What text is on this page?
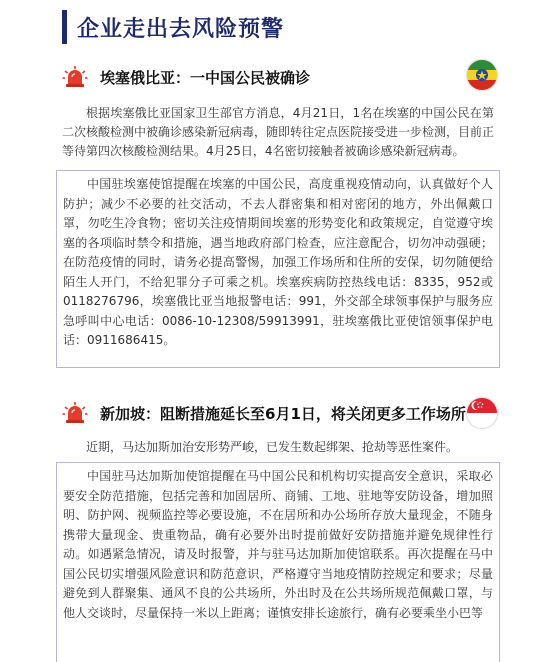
企业走出去风险预警
埃塞俄比亚：一中国公民被确诊

根据埃塞俄比亚国家卫生部官方消息，4月21日，1名在埃塞的中国公民在第二次核酸检测中被确诊感染新冠病毒，随即转往定点医院接受进一步检测，目前正等待第四次核酸检测结果。4月25日，4名密切接触者被确诊感染新冠病毒。

中国驻埃塞使馆提醒在埃塞的中国公民，高度重视疫情动向，认真做好个人防护；减少不必要的社交活动，不去人群密集和相对密闭的地方，外出佩戴口罩，勿吃生冷食物；密切关注疫情期间埃塞的形势变化和政策规定，自觉遵守埃塞的各项临时禁令和措施，遇当地政府部门检查，应注意配合，切勿冲动强硬；在防范疫情的同时，请务必提高警惕，加强工作场所和住所的安保，切勿随便给陌生人开门，不给犯罪分子可乘之机。埃塞疾病防控热线电话：8335，952或0118276796，埃塞俄比亚当地报警电话：991，外交部全球领事保护与服务应急呼叫中心电话：0086-10-12308/59913991，驻埃塞俄比亚使馆领事保护电话：0911686415。

新加坡：阻断措施延长至6月1日，将关闭更多工作场所

近期，马达加斯加治安形势严峻，已发生数起绑架、抢劫等恶性案件。

中国驻马达加斯加使馆提醒在马中国公民和机构切实提高安全意识，采取必要安全防范措施，包括完善和加固居所、商铺、工地、驻地等安防设备，增加照明、防护网、视频监控等必要设施，不在居所和办公场所存放大量现金，不随身携带大量现金、贵重物品，确有必要外出时提前做好安防措施并避免规律性行动。如遇紧急情况，请及时报警，并与驻马达加斯加使馆联系。再次提醒在马中国公民切实增强风险意识和防范意识，严格遵守当地疫情防控规定和要求；尽量避免到人群聚集、通风不良的公共场所，外出时及在公共场所规范佩戴口罩，与他人交谈时，尽量保持一米以上距离；谨慎安排长途旅行，确有必要乘坐小巴等
